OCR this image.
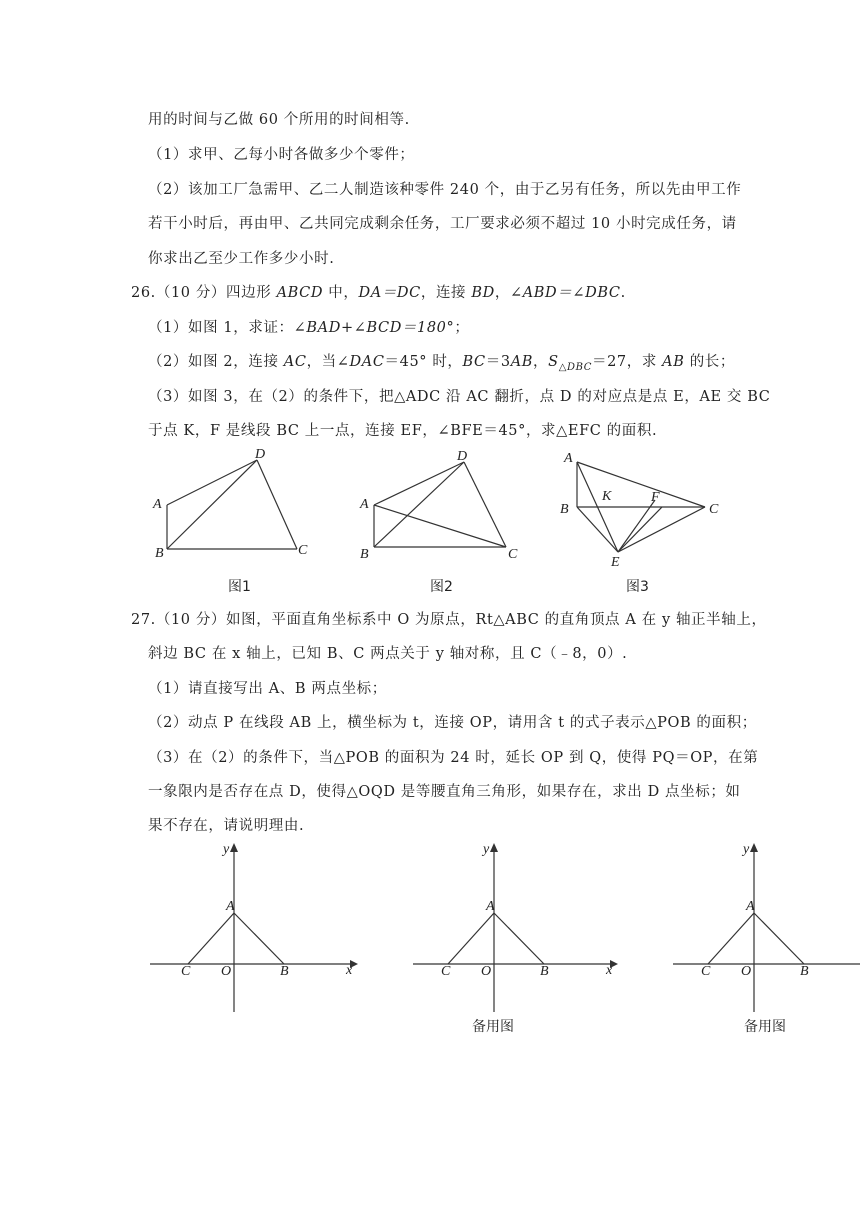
用的时间与乙做 60 个所用的时间相等.
（1）求甲、乙每小时各做多少个零件；
（2）该加工厂急需甲、乙二人制造该种零件 240 个，由于乙另有任务，所以先由甲工作
若干小时后，再由甲、乙共同完成剩余任务，工厂要求必须不超过 10 小时完成任务，请
你求出乙至少工作多少小时.
26.（10 分）四边形 ABCD 中，DA＝DC，连接 BD，∠ABD＝∠DBC.
（1）如图 1，求证：∠BAD+∠BCD＝180°；
（2）如图 2，连接 AC，当∠DAC＝45° 时，BC＝3AB，$S_{\triangle DBC}=27$，求 AB 的长；
（3）如图 3，在（2）的条件下，把△ADC 沿 AC 翻折，点 D 的对应点是点 E，AE 交 BC
于点 K，F 是线段 BC 上一点，连接 EF，∠BFE＝45°，求△EFC 的面积.
A
B	C
D
图1
A
B	C
D
图2
A
B	C
K	F
E
图3
27.（10 分）如图，平面直角坐标系中 O 为原点，Rt△ABC 的直角顶点 A 在 y 轴正半轴上，
斜边 BC 在 x 轴上，已知 B、C 两点关于 y 轴对称，且 C（﹣8，0）.
（1）请直接写出 A、B 两点坐标；
（2）动点 P 在线段 AB 上，横坐标为 t，连接 OP，请用含 t 的式子表示△POB 的面积；
（3）在（2）的条件下，当△POB 的面积为 24 时，延长 OP 到 Q，使得 PQ＝OP，在第
一象限内是否存在点 D，使得△OQD 是等腰直角三角形，如果存在，求出 D 点坐标；如
果不存在，请说明理由.
x
y
A
C O	B	x
y
A
C O	B
备用图
y
A
C O	B
备用图
